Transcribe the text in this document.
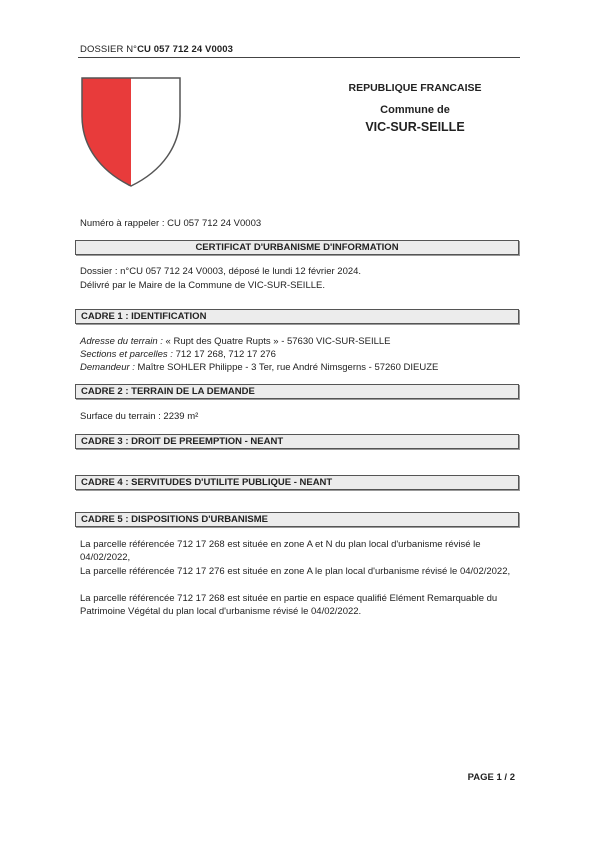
DOSSIER N°CU 057 712 24 V0003
REPUBLIQUE FRANCAISE
Commune de
VIC-SUR-SEILLE
Numéro à rappeler : CU 057 712 24 V0003
CERTIFICAT D'URBANISME D'INFORMATION
Dossier : n°CU 057 712 24 V0003, déposé le lundi 12 février 2024.
Délivré par le Maire de la Commune de VIC-SUR-SEILLE.
CADRE 1 : IDENTIFICATION
Adresse du terrain : « Rupt des Quatre Rupts » - 57630 VIC-SUR-SEILLE
Sections et parcelles : 712 17 268, 712 17 276
Demandeur : Maître SOHLER Philippe - 3 Ter, rue André Nimsgerns - 57260 DIEUZE
CADRE 2 : TERRAIN DE LA DEMANDE
Surface du terrain : 2239 m²
CADRE 3 : DROIT DE PREEMPTION - NEANT
CADRE 4 : SERVITUDES D'UTILITE PUBLIQUE - NEANT
CADRE 5 : DISPOSITIONS D'URBANISME
La parcelle référencée 712 17 268 est située en zone A et N du plan local d'urbanisme révisé le 04/02/2022,
La parcelle référencée 712 17 276 est située en zone A le plan local d'urbanisme révisé le 04/02/2022,
La parcelle référencée 712 17 268 est située en partie en espace qualifié Elément Remarquable du Patrimoine Végétal du plan local d'urbanisme révisé le 04/02/2022.
PAGE 1 / 2
